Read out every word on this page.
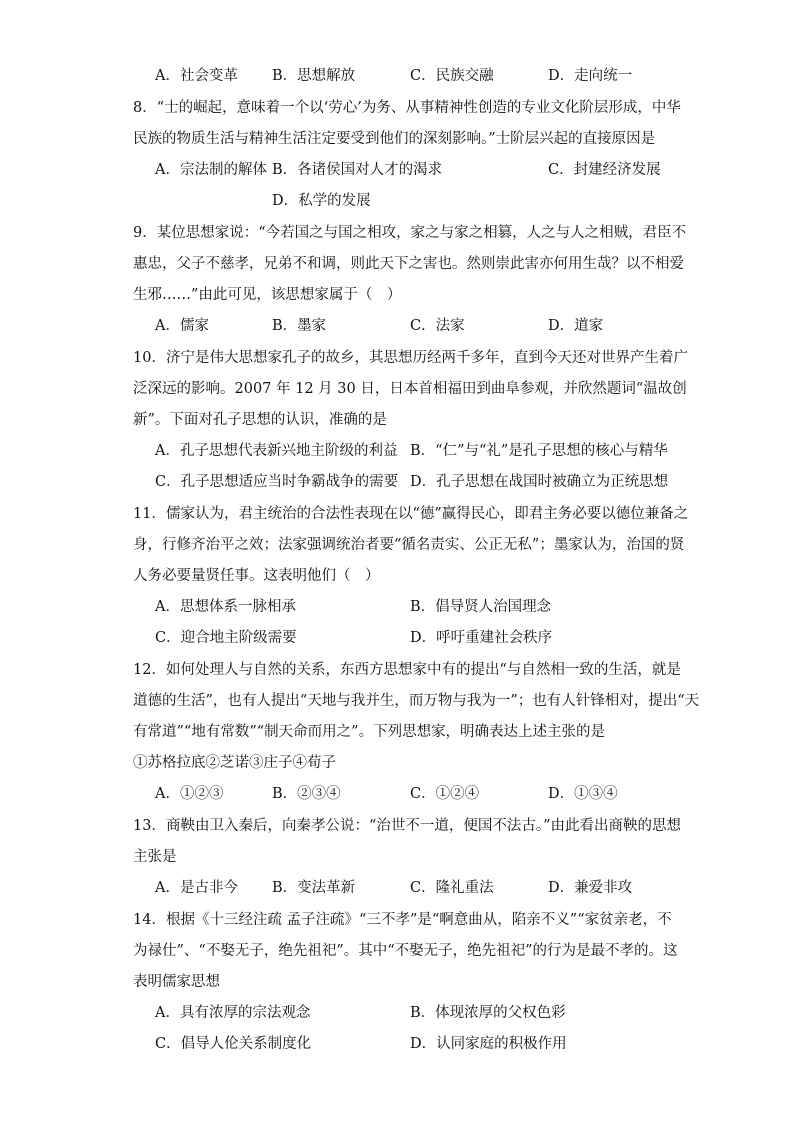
A．社会变革 B．思想解放	C．民族交融	D．走向统一
8．“士的崛起，意味着一个以‘劳心’为务、从事精神性创造的专业文化阶层形成，中华
民族的物质生活与精神生活注定要受到他们的深刻影响。”士阶层兴起的直接原因是
A．宗法制的解体 B．各诸侯国对人才的渴求	C．封建经济发展
D．私学的发展
9．某位思想家说：“今若国之与国之相攻，家之与家之相篡，人之与人之相贼，君臣不
惠忠，父子不慈孝，兄弟不和调，则此天下之害也。然则崇此害亦何用生哉？以不相爱
生邪……”由此可见，该思想家属于（　）
A．儒家	B．墨家	C．法家	D．道家
10．济宁是伟大思想家孔子的故乡，其思想历经两千多年，直到今天还对世界产生着广
泛深远的影响。2007 年 12 月 30 日，日本首相福田到曲阜参观，并欣然题词“温故创
新”。下面对孔子思想的认识，准确的是
A．孔子思想代表新兴地主阶级的利益 B．“仁”与“礼”是孔子思想的核心与精华
C．孔子思想适应当时争霸战争的需要 D．孔子思想在战国时被确立为正统思想
11．儒家认为，君主统治的合法性表现在以“德”赢得民心，即君主务必要以德位兼备之
身，行修齐治平之效；法家强调统治者要“循名责实、公正无私”；墨家认为，治国的贤
人务必要量贤任事。这表明他们（　）
A．思想体系一脉相承	B．倡导贤人治国理念
C．迎合地主阶级需要	D．呼吁重建社会秩序
12．如何处理人与自然的关系，东西方思想家中有的提出“与自然相一致的生活，就是
道德的生活”，也有人提出“天地与我并生，而万物与我为一”；也有人针锋相对，提出“天
有常道”“地有常数”“制天命而用之”。下列思想家，明确表达上述主张的是
①苏格拉底②芝诺③庄子④荀子
A．①②③	B．②③④	C．①②④	D．①③④
13．商鞅由卫入秦后，向秦孝公说：“治世不一道，便国不法古。”由此看出商鞅的思想
主张是
A．是古非今 B．变法革新	C．隆礼重法	D．兼爱非攻
14．根据《十三经注疏 孟子注疏》“三不孝”是“啊意曲从，陷亲不义”“家贫亲老，不
为禄仕”、“不娶无子，绝先祖祀”。其中“不娶无子，绝先祖祀”的行为是最不孝的。这
表明儒家思想
A．具有浓厚的宗法观念	B．体现浓厚的父权色彩
C．倡导人伦关系制度化	D．认同家庭的积极作用
